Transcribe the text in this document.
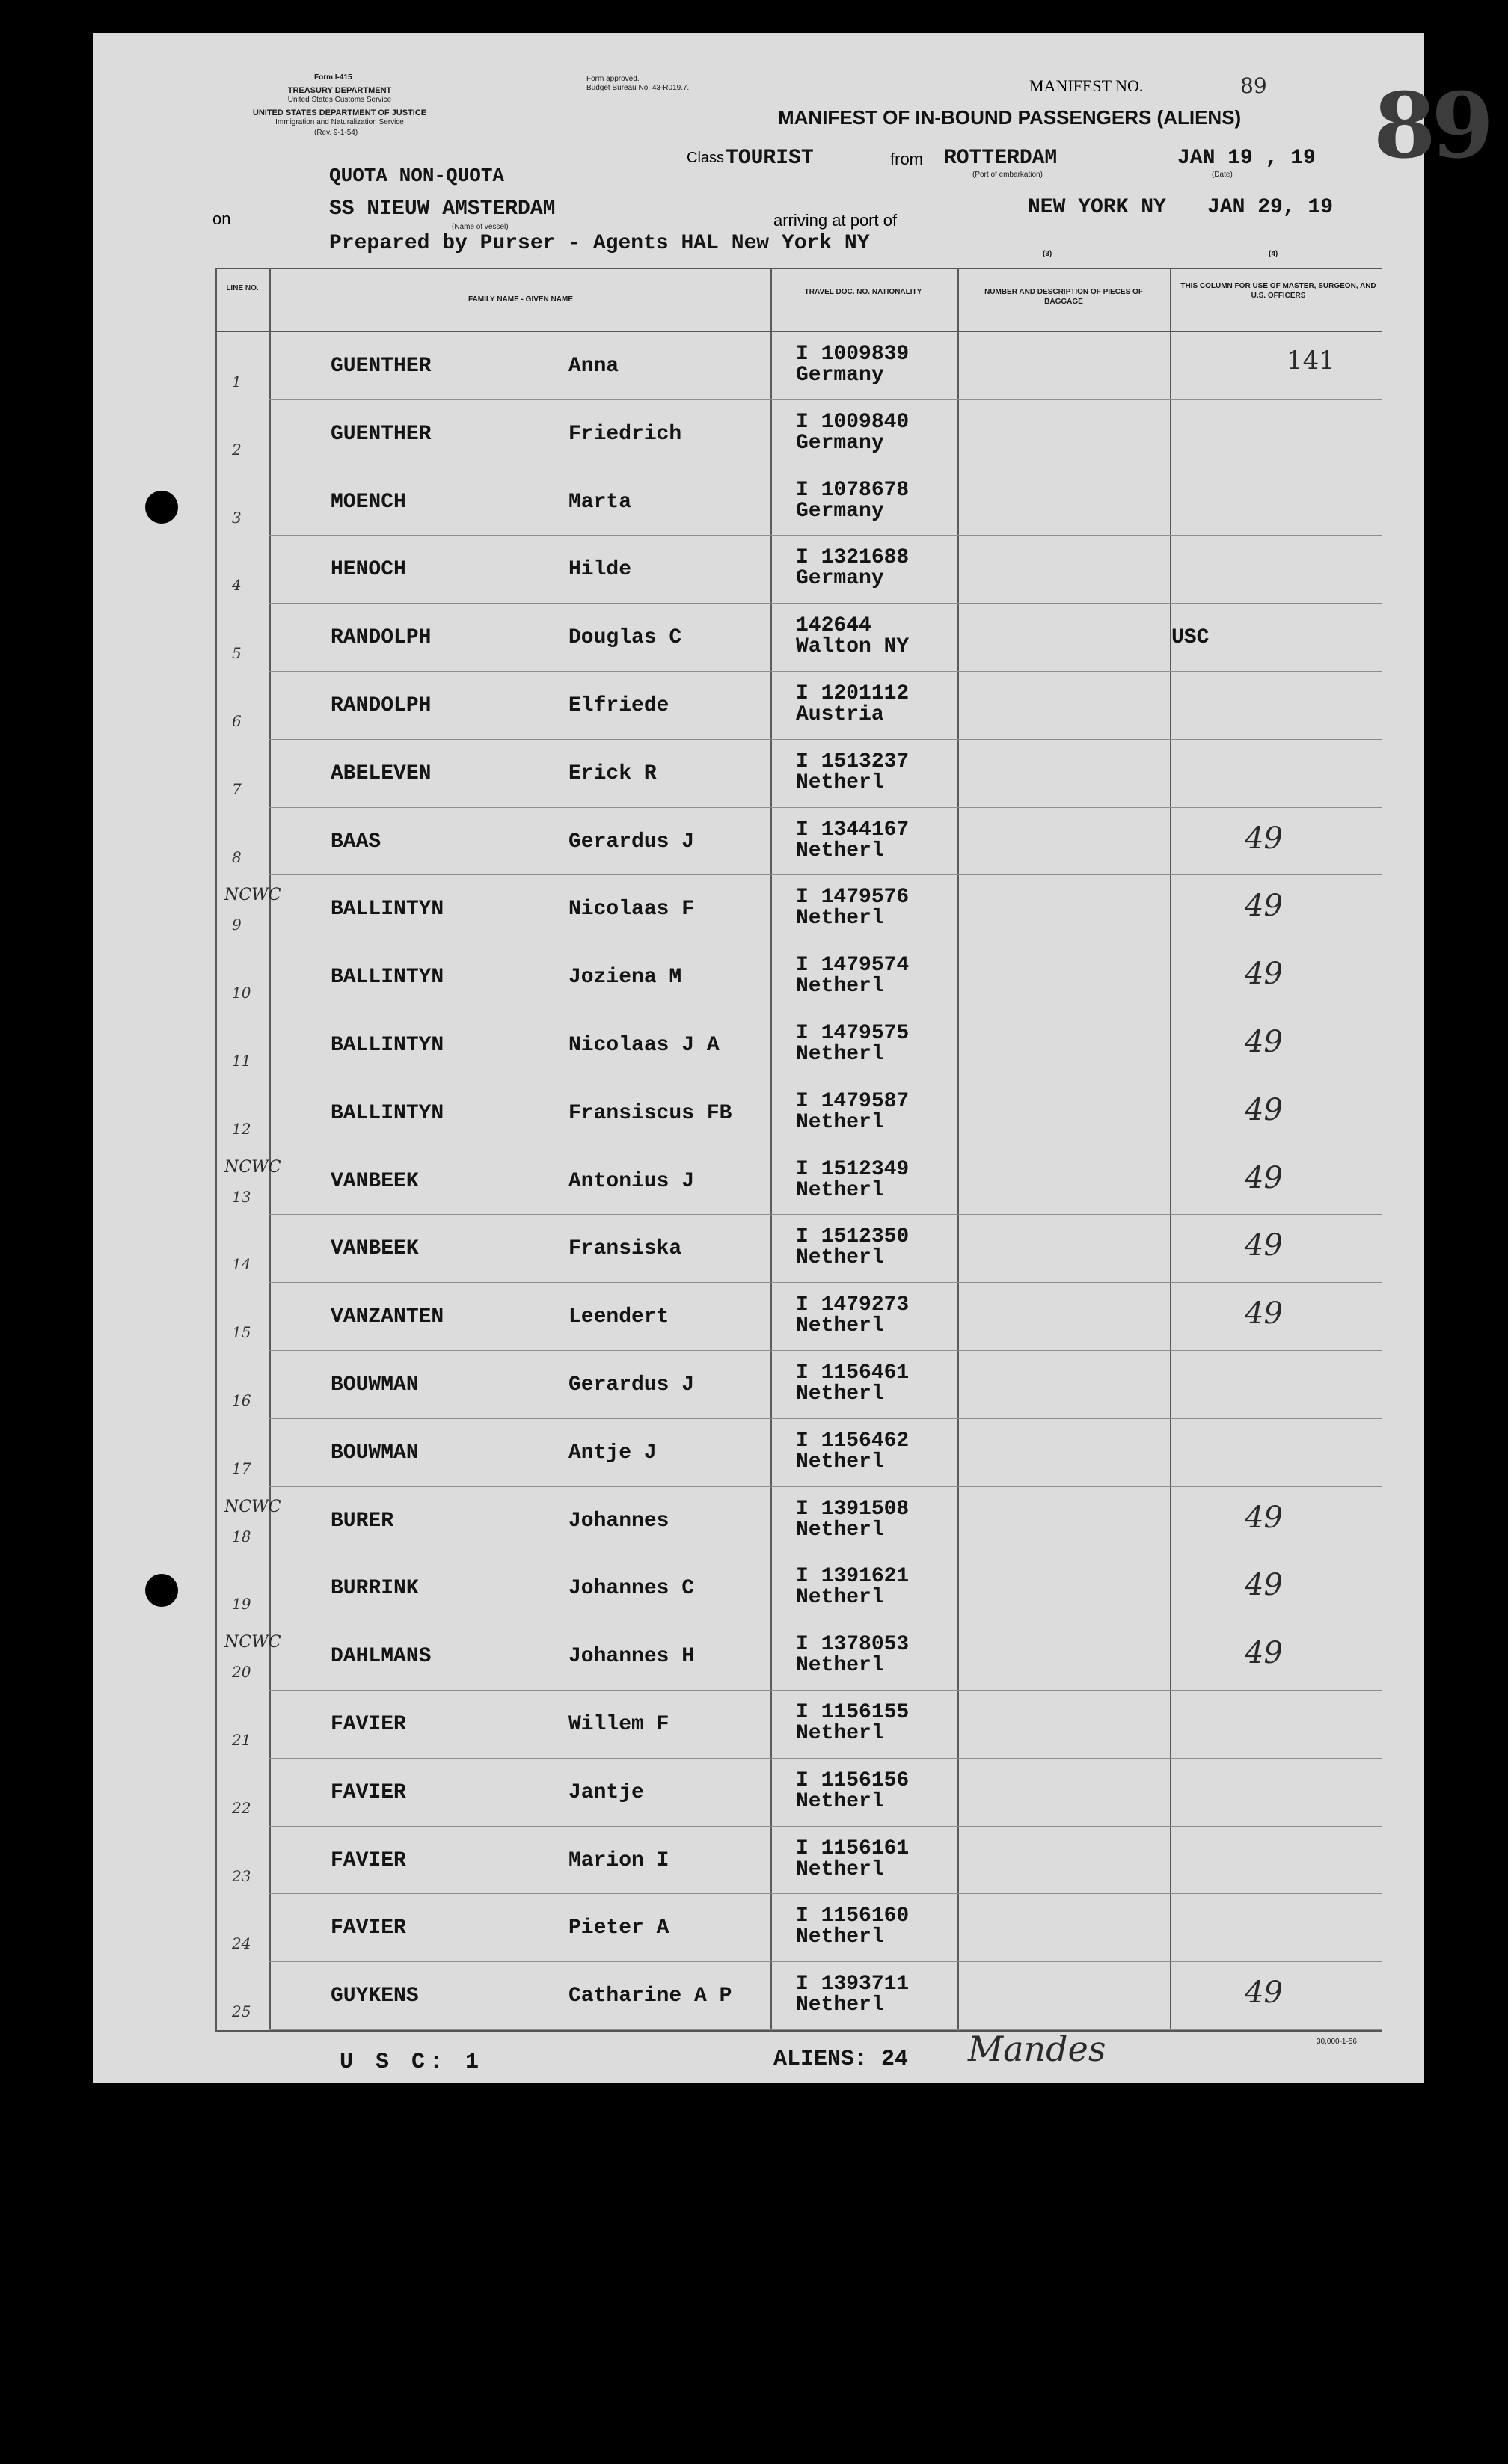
Form I-415
TREASURY DEPARTMENT
United States Customs Service
UNITED STATES DEPARTMENT OF JUSTICE
Immigration and Naturalization Service
(Rev. 9-1-54)
Form approved.
Budget Bureau No. 43-R019.7.	MANIFEST NO.	89 89
MANIFEST OF IN-BOUND PASSENGERS (ALIENS)
QUOTA NON-QUOTA
Class TOURIST	from ROTTERDAM
(Port of embarkation)
JAN 19 , 19
(Date)
on	SS NIEUW AMSTERDAM
(Name of vessel)	arriving at port of
NEW YORK NY JAN 29, 19
Prepared by Purser - Agents HAL New York NY	(3)	(4)
LINE NO.
FAMILY NAME - GIVEN NAME
TRAVEL DOC. NO. NATIONALITY	NUMBER AND DESCRIPTION OF PIECES OF BAGGAGE
THIS COLUMN FOR USE OF MASTER, SURGEON, AND U.S. OFFICERS
1
GUENTHER	Anna
I 1009839
Germany	141
2
GUENTHER	Friedrich
I 1009840
Germany
3
MOENCH	Marta
I 1078678
Germany
4
HENOCH	Hilde
I 1321688
Germany
5
RANDOLPH	Douglas C
142644
Walton NY	USC
6
RANDOLPH	Elfriede
I 1201112
Austria
7
ABELEVEN	Erick R
I 1513237
Netherl
8
BAAS	Gerardus J
I 1344167
Netherl	49
9
BALLINTYN	Nicolaas F
I 1479576
Netherl	49
NCWC
10
BALLINTYN	Joziena M
I 1479574
Netherl	49
11
BALLINTYN	Nicolaas J A
I 1479575
Netherl	49
12
BALLINTYN	Fransiscus FB
I 1479587
Netherl	49
13
VANBEEK	Antonius J
I 1512349
Netherl	49
NCWC
14
VANBEEK	Fransiska
I 1512350
Netherl	49
15
VANZANTEN	Leendert
I 1479273
Netherl	49
16
BOUWMAN	Gerardus J
I 1156461
Netherl
17
BOUWMAN	Antje J
I 1156462
Netherl
18
BURER	Johannes
I 1391508
Netherl	49
NCWC
19
BURRINK	Johannes C
I 1391621
Netherl	49
20
DAHLMANS	Johannes H
I 1378053
Netherl	49
NCWC
21
FAVIER	Willem F
I 1156155
Netherl
22
FAVIER	Jantje
I 1156156
Netherl
23
FAVIER	Marion I
I 1156161
Netherl
24
FAVIER	Pieter A
I 1156160
Netherl
25
GUYKENS	Catharine A P
I 1393711
Netherl	49
U S C: 1	ALIENS: 24 Mandes	30,000-1-56
